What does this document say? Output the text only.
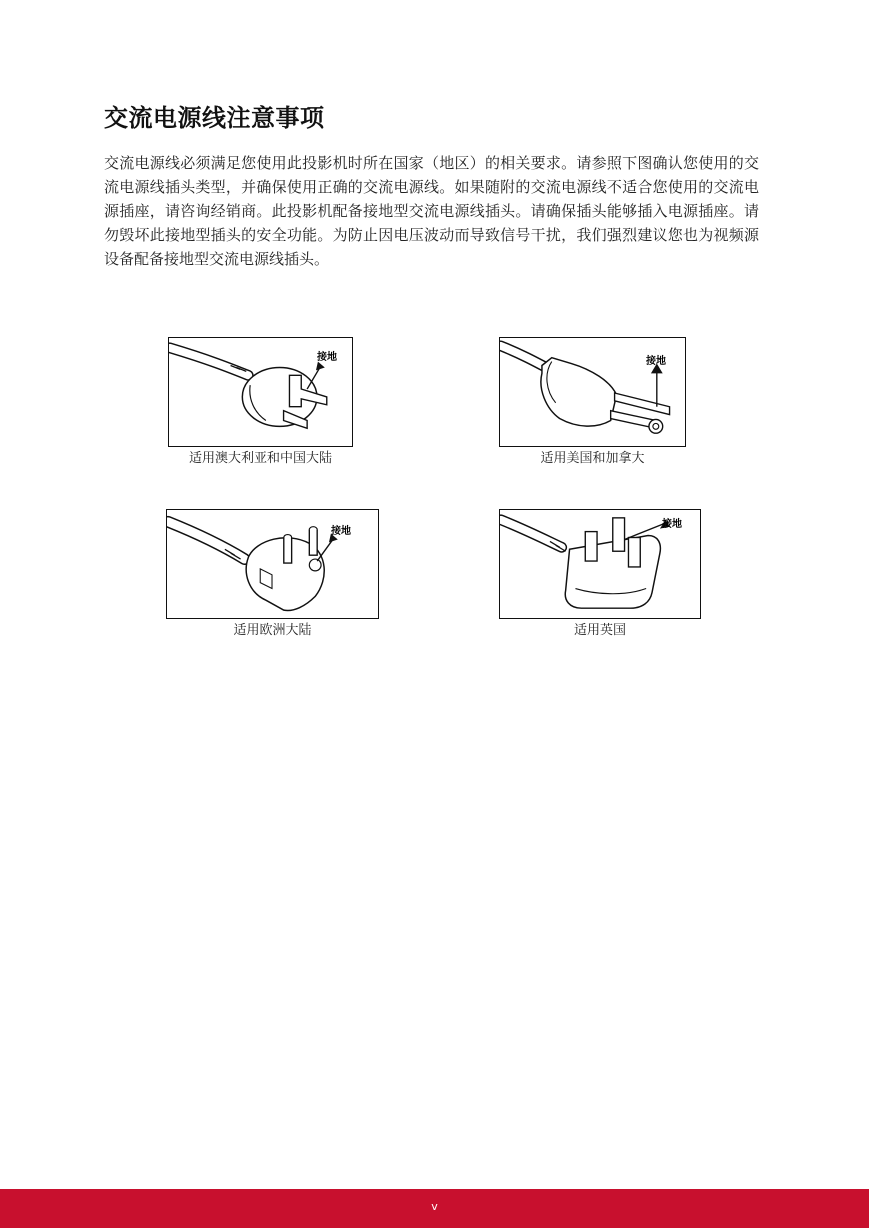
交流电源线注意事项

交流电源线必须满足您使用此投影机时所在国家（地区）的相关要求。请参照下图确认您使用的交流电源线插头类型，并确保使用正确的交流电源线。如果随附的交流电源线不适合您使用的交流电源插座，请咨询经销商。此投影机配备接地型交流电源线插头。请确保插头能够插入电源插座。请勿毁坏此接地型插头的安全功能。为防止因电压波动而导致信号干扰，我们强烈建议您也为视频源设备配备接地型交流电源线插头。

接地
适用澳大利亚和中国大陆
接地
适用美国和加拿大
接地
适用欧洲大陆
接地
适用英国
v
